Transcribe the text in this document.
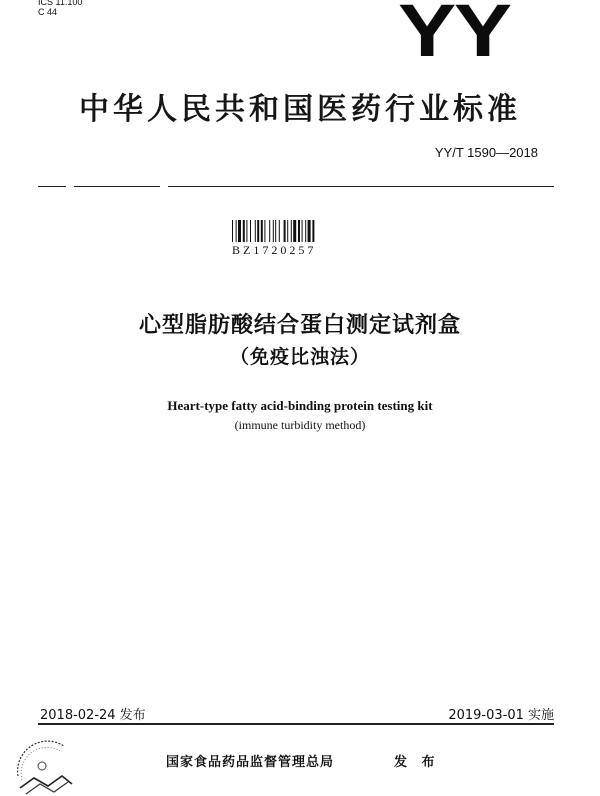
ICS 11.100
C 44	YY
中华人民共和国医药行业标准
YY/T 1590—2018
BZ1720257
心型脂肪酸结合蛋白测定试剂盒
（免疫比浊法）
Heart-type fatty acid-binding protein testing kit
(immune turbidity method)
2018-02-24 发布	2019-03-01 实施
国家食品药品监督管理总局	发 布
